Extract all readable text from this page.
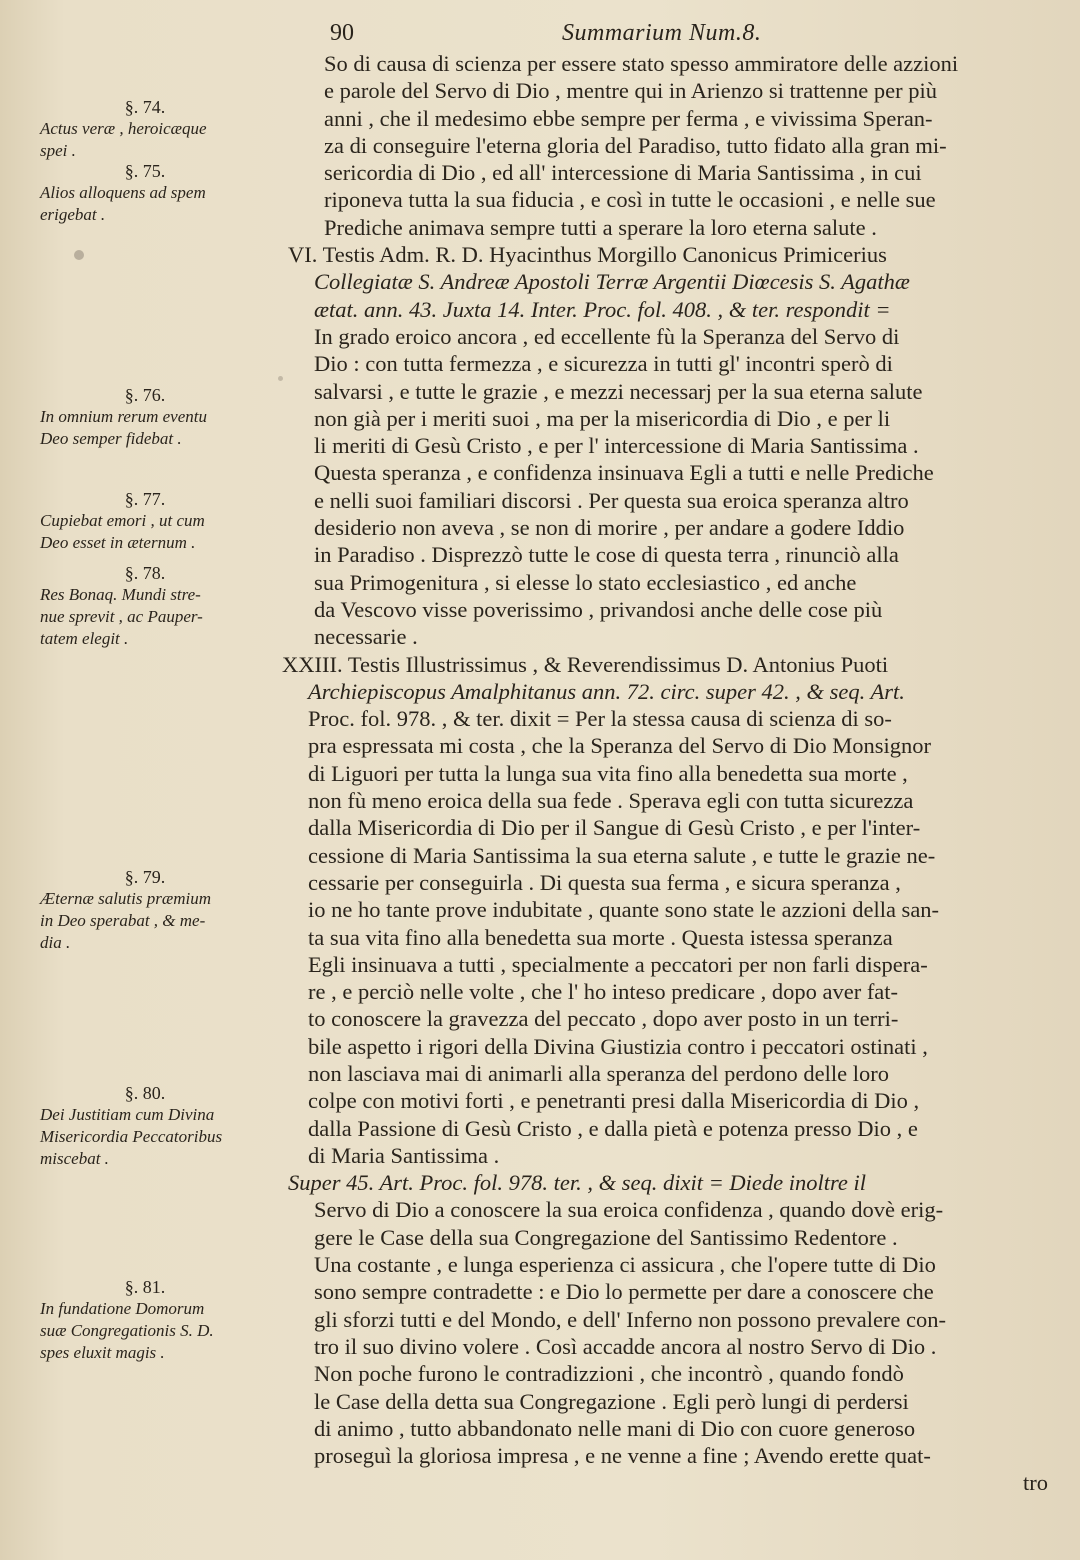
90	Summarium Num.8.
So di causa di scienza per essere stato spesso ammiratore delle azzioni
e parole del Servo di Dio , mentre qui in Arienzo si trattenne per più
anni , che il medesimo ebbe sempre per ferma , e vivissima Speran-
za di conseguire l'eterna gloria del Paradiso, tutto fidato alla gran mi-
sericordia di Dio , ed all' intercessione di Maria Santissima , in cui
riponeva tutta la sua fiducia , e così in tutte le occasioni , e nelle sue
Prediche animava sempre tutti a sperare la loro eterna salute .
VI. Testis Adm. R. D. Hyacinthus Morgillo Canonicus Primicerius
Collegiatæ S. Andreæ Apostoli Terræ Argentii Diœcesis S. Agathæ
ætat. ann. 43. Juxta 14. Inter. Proc. fol. 408. , & ter. respondit =
In grado eroico ancora , ed eccellente fù la Speranza del Servo di
Dio : con tutta fermezza , e sicurezza in tutti gl' incontri sperò di
salvarsi , e tutte le grazie , e mezzi necessarj per la sua eterna salute
non già per i meriti suoi , ma per la misericordia di Dio , e per li
li meriti di Gesù Cristo , e per l' intercessione di Maria Santissima .
Questa speranza , e confidenza insinuava Egli a tutti e nelle Prediche
e nelli suoi familiari discorsi . Per questa sua eroica speranza altro
desiderio non aveva , se non di morire , per andare a godere Iddio
in Paradiso . Disprezzò tutte le cose di questa terra , rinunciò alla
sua Primogenitura , si elesse lo stato ecclesiastico , ed anche
da Vescovo visse poverissimo , privandosi anche delle cose più
necessarie .
XXIII. Testis Illustrissimus , & Reverendissimus D. Antonius Puoti
Archiepiscopus Amalphitanus ann. 72. circ. super 42. , & seq. Art.
Proc. fol. 978. , & ter. dixit = Per la stessa causa di scienza di so-
pra espressata mi costa , che la Speranza del Servo di Dio Monsignor
di Liguori per tutta la lunga sua vita fino alla benedetta sua morte ,
non fù meno eroica della sua fede . Sperava egli con tutta sicurezza
dalla Misericordia di Dio per il Sangue di Gesù Cristo , e per l'inter-
cessione di Maria Santissima la sua eterna salute , e tutte le grazie ne-
cessarie per conseguirla . Di questa sua ferma , e sicura speranza ,
io ne ho tante prove indubitate , quante sono state le azzioni della san-
ta sua vita fino alla benedetta sua morte . Questa istessa speranza
Egli insinuava a tutti , specialmente a peccatori per non farli dispera-
re , e perciò nelle volte , che l' ho inteso predicare , dopo aver fat-
to conoscere la gravezza del peccato , dopo aver posto in un terri-
bile aspetto i rigori della Divina Giustizia contro i peccatori ostinati ,
non lasciava mai di animarli alla speranza del perdono delle loro
colpe con motivi forti , e penetranti presi dalla Misericordia di Dio ,
dalla Passione di Gesù Cristo , e dalla pietà e potenza presso Dio , e
di Maria Santissima .
Super 45. Art. Proc. fol. 978. ter. , & seq. dixit = Diede inoltre il
Servo di Dio a conoscere la sua eroica confidenza , quando dovè erig-
gere le Case della sua Congregazione del Santissimo Redentore .
Una costante , e lunga esperienza ci assicura , che l'opere tutte di Dio
sono sempre contradette : e Dio lo permette per dare a conoscere che
gli sforzi tutti e del Mondo, e dell' Inferno non possono prevalere con-
tro il suo divino volere . Così accadde ancora al nostro Servo di Dio .
Non poche furono le contradizzioni , che incontrò , quando fondò
le Case della detta sua Congregazione . Egli però lungi di perdersi
di animo , tutto abbandonato nelle mani di Dio con cuore generoso
proseguì la gloriosa impresa , e ne venne a fine ; Avendo erette quat-
tro
§. 74.
Actus veræ , heroicæque
spei .
§. 75.
Alios alloquens ad spem
erigebat .
§. 76.
In omnium rerum eventu
Deo semper fidebat .
§. 77.
Cupiebat emori , ut cum
Deo esset in æternum .
§. 78.
Res Bonaq. Mundi stre-
nue sprevit , ac Pauper-
tatem elegit .
§. 79.
Æternæ salutis præmium
in Deo sperabat , & me-
dia .
§. 80.
Dei Justitiam cum Divina
Misericordia Peccatoribus
miscebat .
§. 81.
In fundatione Domorum
suæ Congregationis S. D.
spes eluxit magis .
